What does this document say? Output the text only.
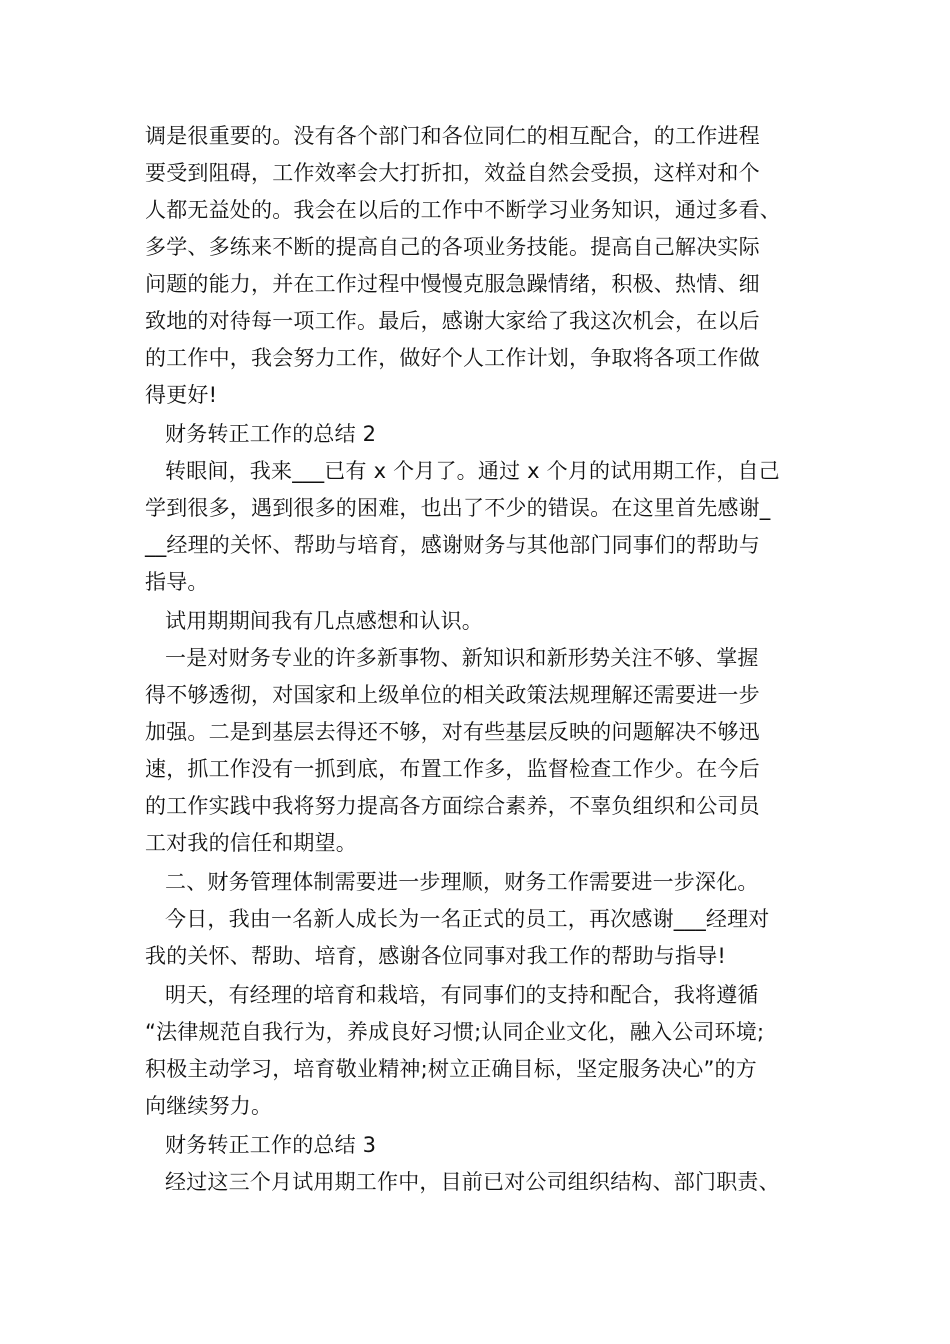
调是很重要的。没有各个部门和各位同仁的相互配合，的工作进程
要受到阻碍，工作效率会大打折扣，效益自然会受损，这样对和个
人都无益处的。我会在以后的工作中不断学习业务知识，通过多看、
多学、多练来不断的提高自己的各项业务技能。提高自己解决实际
问题的能力，并在工作过程中慢慢克服急躁情绪，积极、热情、细
致地的对待每一项工作。最后，感谢大家给了我这次机会，在以后
的工作中，我会努力工作，做好个人工作计划，争取将各项工作做
得更好!
财务转正工作的总结 2
转眼间，我来___已有 x 个月了。通过 x 个月的试用期工作，自己
学到很多，遇到很多的困难，也出了不少的错误。在这里首先感谢_
__经理的关怀、帮助与培育，感谢财务与其他部门同事们的帮助与
指导。
试用期期间我有几点感想和认识。
一是对财务专业的许多新事物、新知识和新形势关注不够、掌握
得不够透彻，对国家和上级单位的相关政策法规理解还需要进一步
加强。二是到基层去得还不够，对有些基层反映的问题解决不够迅
速，抓工作没有一抓到底，布置工作多，监督检查工作少。在今后
的工作实践中我将努力提高各方面综合素养，不辜负组织和公司员
工对我的信任和期望。
二、财务管理体制需要进一步理顺，财务工作需要进一步深化。
今日，我由一名新人成长为一名正式的员工，再次感谢___经理对
我的关怀、帮助、培育，感谢各位同事对我工作的帮助与指导!
明天，有经理的培育和栽培，有同事们的支持和配合，我将遵循
“法律规范自我行为，养成良好习惯;认同企业文化，融入公司环境;
积极主动学习，培育敬业精神;树立正确目标，坚定服务决心”的方
向继续努力。
财务转正工作的总结 3
经过这三个月试用期工作中，目前已对公司组织结构、部门职责、
